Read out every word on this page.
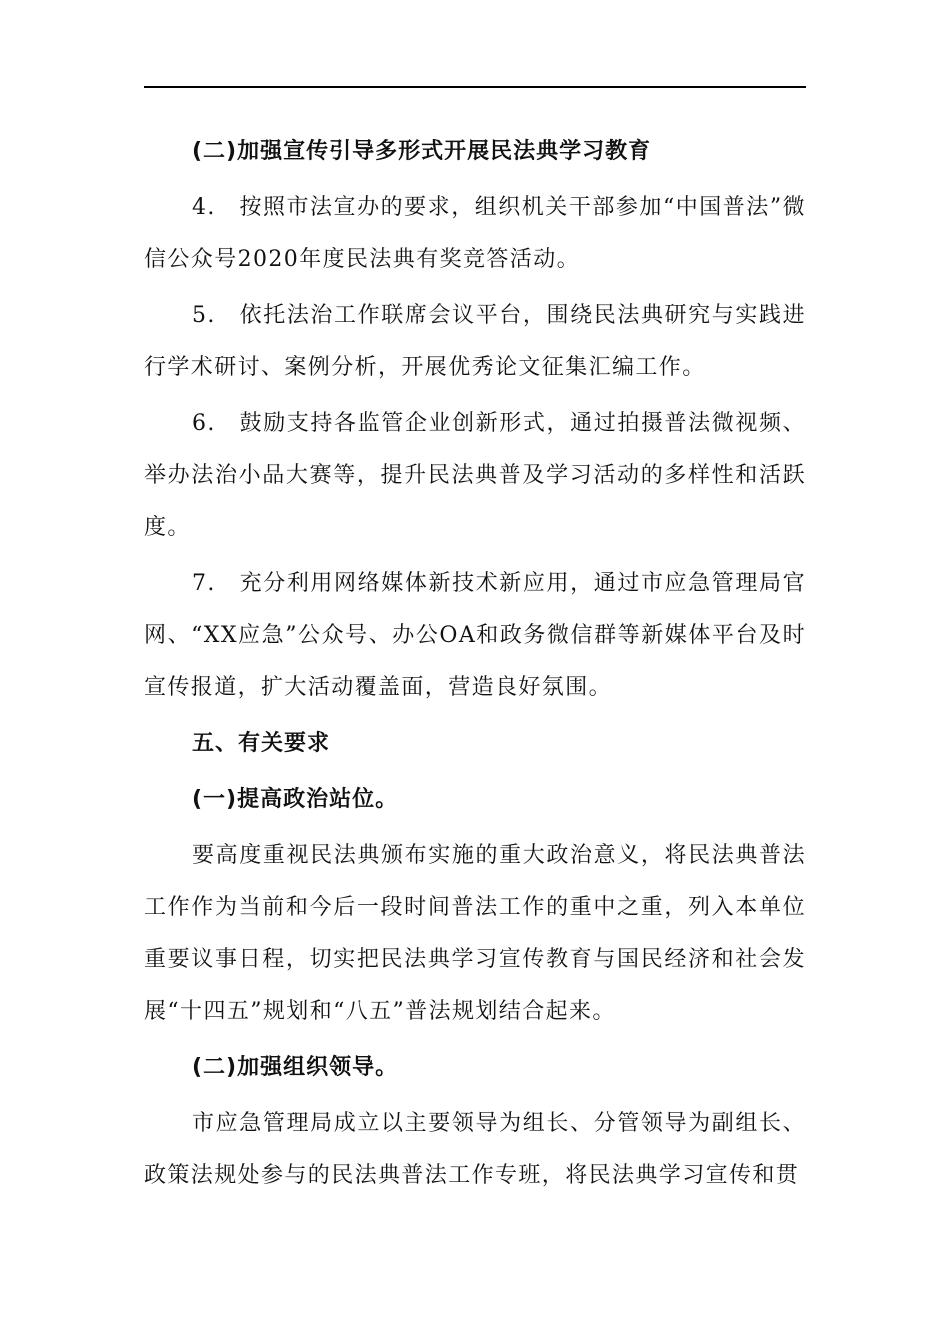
(二)加强宣传引导多形式开展民法典学习教育

4.　按照市法宣办的要求，组织机关干部参加“中国普法”微信公众号2020年度民法典有奖竞答活动。

5.　依托法治工作联席会议平台，围绕民法典研究与实践进行学术研讨、案例分析，开展优秀论文征集汇编工作。

6.　鼓励支持各监管企业创新形式，通过拍摄普法微视频、举办法治小品大赛等，提升民法典普及学习活动的多样性和活跃度。

7.　充分利用网络媒体新技术新应用，通过市应急管理局官网、“XX应急”公众号、办公OA和政务微信群等新媒体平台及时宣传报道，扩大活动覆盖面，营造良好氛围。

五、有关要求

(一)提高政治站位。

要高度重视民法典颁布实施的重大政治意义，将民法典普法工作作为当前和今后一段时间普法工作的重中之重，列入本单位重要议事日程，切实把民法典学习宣传教育与国民经济和社会发展“十四五”规划和“八五”普法规划结合起来。

(二)加强组织领导。

市应急管理局成立以主要领导为组长、分管领导为副组长、政策法规处参与的民法典普法工作专班，将民法典学习宣传和贯
